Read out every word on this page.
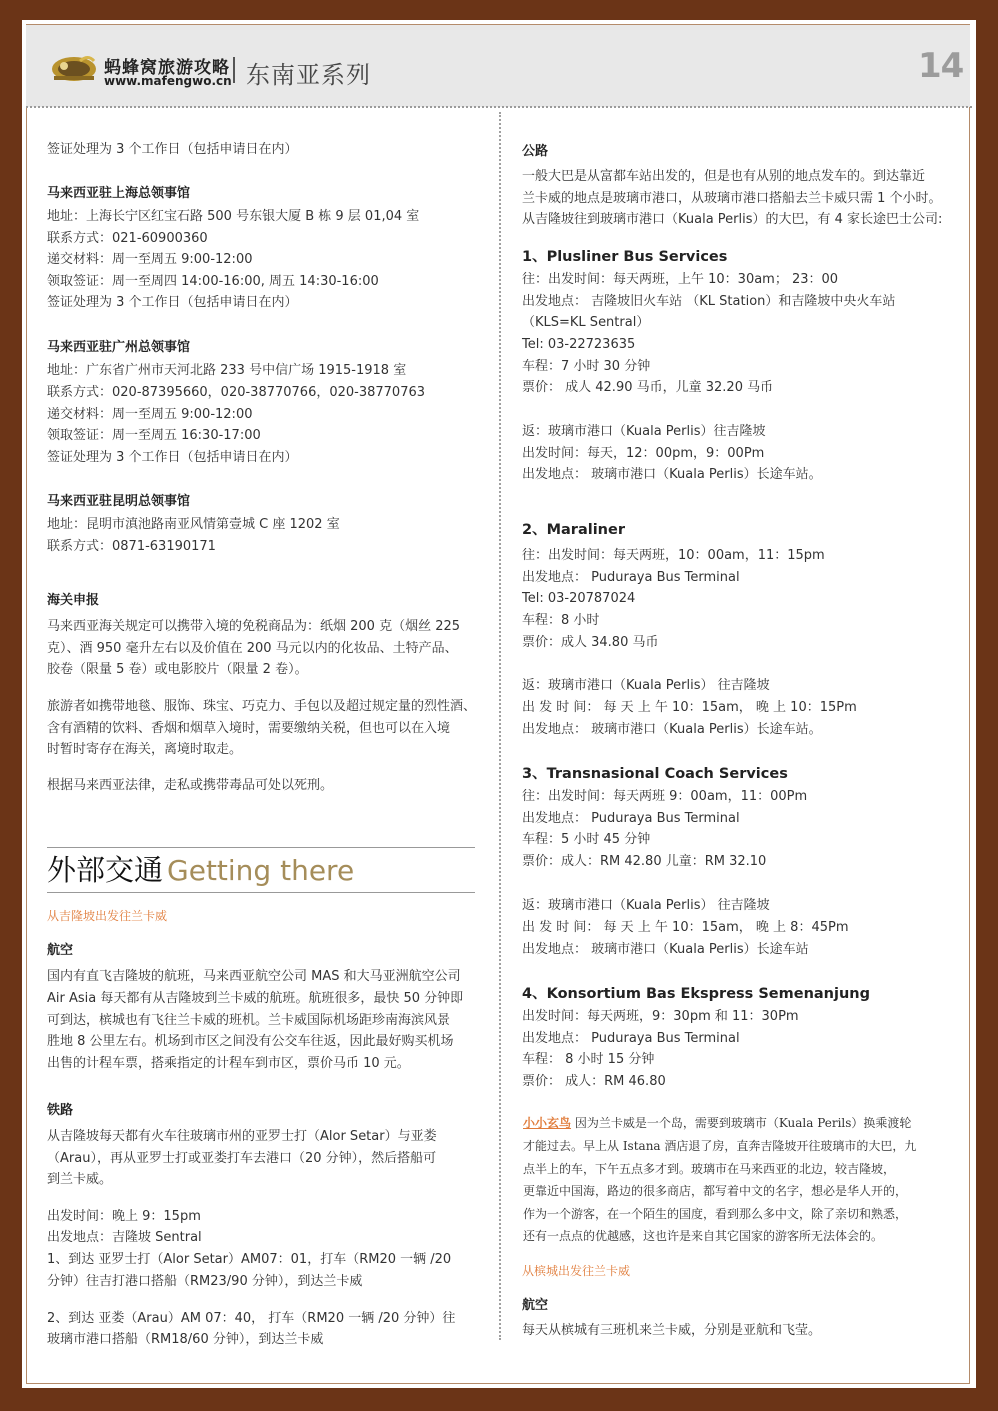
蚂蜂窝旅游攻略
www.mafengwo.cn 东南亚系列	14
签证处理为 3 个工作日（包括申请日在内）
马来西亚驻上海总领事馆
地址：上海长宁区红宝石路 500 号东银大厦 B 栋 9 层 01,04 室
联系方式：021-60900360
递交材料：周一至周五 9:00-12:00
领取签证：周一至周四 14:00-16:00, 周五 14:30-16:00
签证处理为 3 个工作日（包括申请日在内）
马来西亚驻广州总领事馆
地址：广东省广州市天河北路 233 号中信广场 1915-1918 室
联系方式：020-87395660，020-38770766，020-38770763
递交材料：周一至周五 9:00-12:00
领取签证：周一至周五 16:30-17:00
签证处理为 3 个工作日（包括申请日在内）
马来西亚驻昆明总领事馆
地址：昆明市滇池路南亚风情第壹城 C 座 1202 室
联系方式：0871-63190171
海关申报
马来西亚海关规定可以携带入境的免税商品为：纸烟 200 克（烟丝 225
克）、酒 950 毫升左右以及价值在 200 马元以内的化妆品、土特产品、
胶卷（限量 5 卷）或电影胶片（限量 2 卷）。
旅游者如携带地毯、服饰、珠宝、巧克力、手包以及超过规定量的烈性酒、
含有酒精的饮料、香烟和烟草入境时，需要缴纳关税，但也可以在入境
时暂时寄存在海关，离境时取走。
根据马来西亚法律，走私或携带毒品可处以死刑。
从吉隆坡出发往兰卡威
航空
国内有直飞吉隆坡的航班，马来西亚航空公司 MAS 和大马亚洲航空公司
Air Asia 每天都有从吉隆坡到兰卡威的航班。航班很多，最快 50 分钟即
可到达，槟城也有飞往兰卡威的班机。兰卡威国际机场距珍南海滨风景
胜地 8 公里左右。机场到市区之间没有公交车往返，因此最好购买机场
出售的计程车票，搭乘指定的计程车到市区，票价马币 10 元。
铁路
从吉隆坡每天都有火车往玻璃市州的亚罗士打（Alor Setar）与亚娄
（Arau），再从亚罗士打或亚娄打车去港口（20 分钟），然后搭船可
到兰卡威。
出发时间：晚上 9：15pm
出发地点：吉隆坡 Sentral
1、到达 亚罗士打（Alor Setar）AM07：01，打车（RM20 一辆 /20
分钟）往吉打港口搭船（RM23/90 分钟），到达兰卡威
2、到达 亚娄（Arau）AM 07：40， 打车（RM20 一辆 /20 分钟）往
玻璃市港口搭船（RM18/60 分钟），到达兰卡威
外部交通 Getting there
公路
一般大巴是从富都车站出发的，但是也有从别的地点发车的。到达靠近
兰卡威的地点是玻璃市港口，从玻璃市港口搭船去兰卡威只需 1 个小时。
从吉隆坡往到玻璃市港口（Kuala Perlis）的大巴，有 4 家长途巴士公司:
1、Plusliner Bus Services
往：出发时间：每天两班，上午 10：30am； 23：00
出发地点： 吉隆坡旧火车站 （KL Station）和吉隆坡中央火车站
（KLS=KL Sentral）
Tel: 03-22723635
车程：7 小时 30 分钟
票价： 成人 42.90 马币，儿童 32.20 马币
返：玻璃市港口（Kuala Perlis）往吉隆坡
出发时间：每天，12：00pm，9：00Pm
出发地点： 玻璃市港口（Kuala Perlis）长途车站。
2、Maraliner
往：出发时间：每天两班，10：00am，11：15pm
出发地点： Puduraya Bus Terminal
Tel: 03-20787024
车程：8 小时
票价：成人 34.80 马币
返：玻璃市港口（Kuala Perlis） 往吉隆坡
出 发 时 间： 每 天 上 午 10：15am， 晚 上 10：15Pm
出发地点： 玻璃市港口（Kuala Perlis）长途车站。
3、Transnasional Coach Services
往：出发时间：每天两班 9：00am，11：00Pm
出发地点： Puduraya Bus Terminal
车程：5 小时 45 分钟
票价：成人：RM 42.80 儿童：RM 32.10
返：玻璃市港口（Kuala Perlis） 往吉隆坡
出 发 时 间： 每 天 上 午 10：15am， 晚 上 8：45Pm
出发地点： 玻璃市港口（Kuala Perlis）长途车站
4、Konsortium Bas Ekspress Semenanjung
出发时间：每天两班，9：30pm 和 11：30Pm
出发地点： Puduraya Bus Terminal
车程： 8 小时 15 分钟
票价： 成人：RM 46.80
小小玄鸟 因为兰卡威是一个岛，需要到玻璃市（Kuala Perils）换乘渡轮
才能过去。早上从 Istana 酒店退了房，直奔吉隆坡开往玻璃市的大巴，九
点半上的车，下午五点多才到。玻璃市在马来西亚的北边，较吉隆坡，
更靠近中国海，路边的很多商店，都写着中文的名字，想必是华人开的，
作为一个游客，在一个陌生的国度，看到那么多中文，除了亲切和熟悉，
还有一点点的优越感，这也许是来自其它国家的游客所无法体会的。
从槟城出发往兰卡威
航空
每天从槟城有三班机来兰卡威，分别是亚航和飞莹。
